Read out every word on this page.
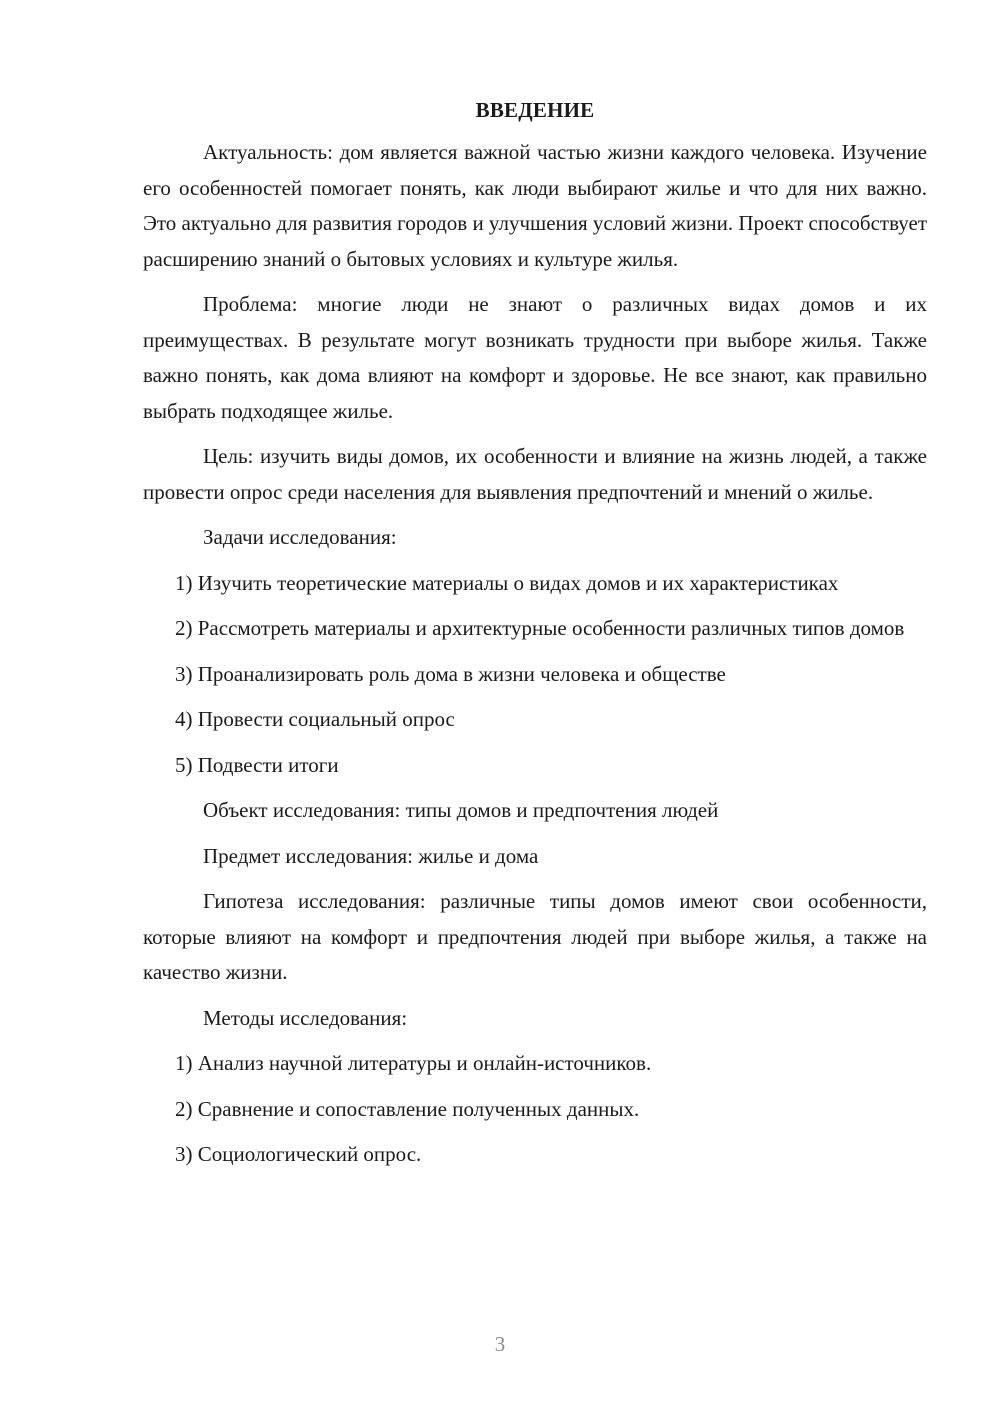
ВВЕДЕНИЕ

Актуальность: дом является важной частью жизни каждого человека. Изучение его особенностей помогает понять, как люди выбирают жилье и что для них важно. Это актуально для развития городов и улучшения условий жизни. Проект способствует расширению знаний о бытовых условиях и культуре жилья.

Проблема: многие люди не знают о различных видах домов и их преимуществах. В результате могут возникать трудности при выборе жилья. Также важно понять, как дома влияют на комфорт и здоровье. Не все знают, как правильно выбрать подходящее жилье.

Цель: изучить виды домов, их особенности и влияние на жизнь людей, а также провести опрос среди населения для выявления предпочтений и мнений о жилье.

Задачи исследования:

1) Изучить теоретические материалы о видах домов и их характеристиках

2) Рассмотреть материалы и архитектурные особенности различных типов домов

3) Проанализировать роль дома в жизни человека и обществе

4) Провести социальный опрос

5) Подвести итоги

Объект исследования: типы домов и предпочтения людей

Предмет исследования: жилье и дома

Гипотеза исследования: различные типы домов имеют свои особенности, которые влияют на комфорт и предпочтения людей при выборе жилья, а также на качество жизни.

Методы исследования:

1) Анализ научной литературы и онлайн-источников.

2) Сравнение и сопоставление полученных данных.

3) Социологический опрос.

3
